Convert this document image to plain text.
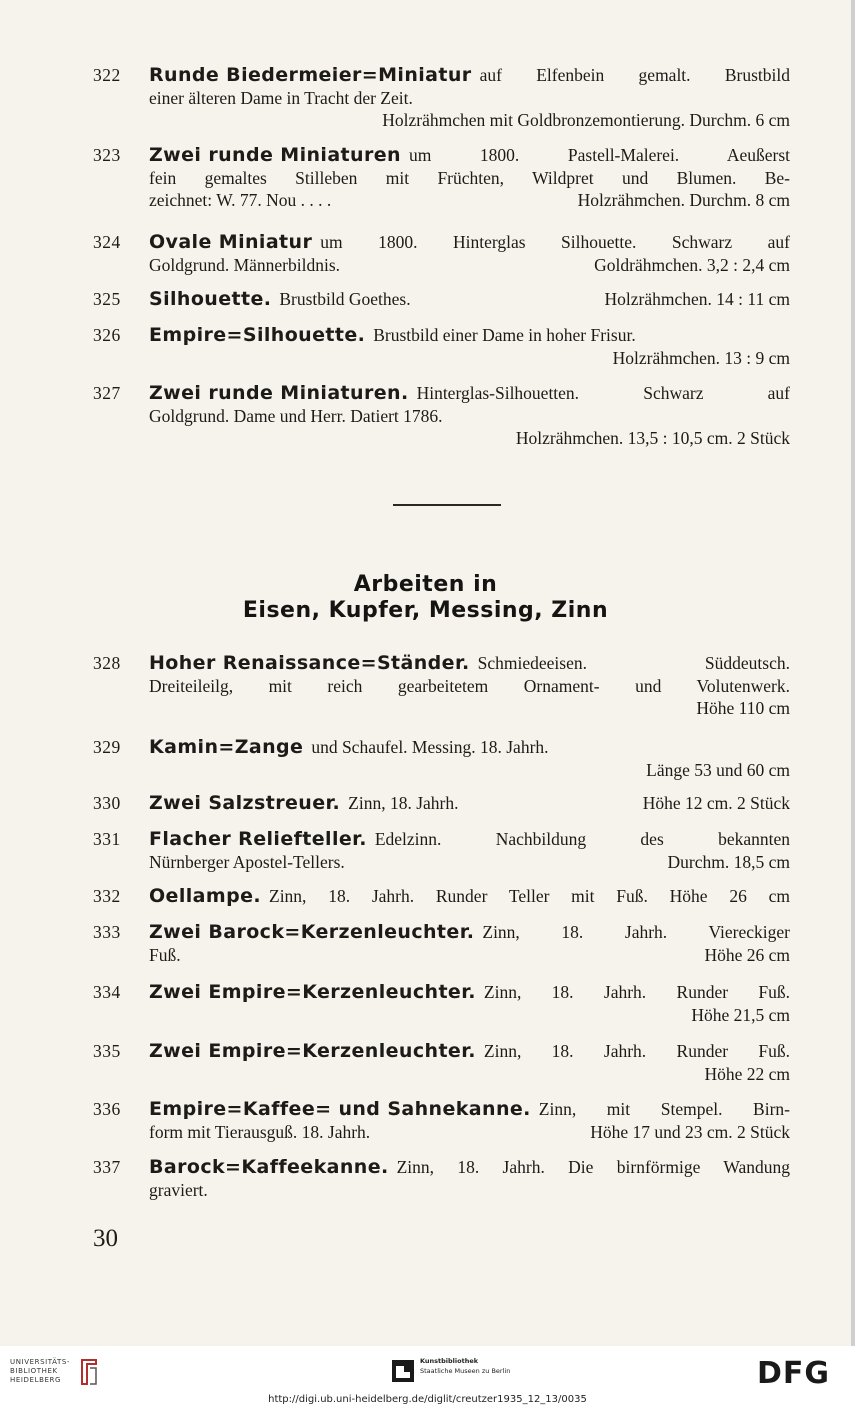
322	Runde Biedermeier=Miniatur auf Elfenbein gemalt. Brustbild
einer älteren Dame in Tracht der Zeit.
Holzrähmchen mit Goldbronzemontierung. Durchm. 6 cm
323	Zwei runde Miniaturen um 1800. Pastell-Malerei. Aeußerst
fein gemaltes Stilleben mit Früchten, Wildpret und Blumen. Be-
zeichnet: W. 77. Nou . . . .	Holzrähmchen. Durchm. 8 cm
324	Ovale Miniatur um 1800. Hinterglas Silhouette. Schwarz auf
Goldgrund. Männerbildnis.	Goldrähmchen. 3,2 : 2,4 cm
325	Silhouette. Brustbild Goethes.	Holzrähmchen. 14 : 11 cm
326	Empire=Silhouette. Brustbild einer Dame in hoher Frisur.
Holzrähmchen. 13 : 9 cm
327	Zwei runde Miniaturen. Hinterglas-Silhouetten. Schwarz auf
Goldgrund. Dame und Herr. Datiert 1786.
Holzrähmchen. 13,5 : 10,5 cm. 2 Stück
328	Hoher Renaissance=Ständer. Schmiedeeisen. Süddeutsch.
Dreiteileilg, mit reich gearbeitetem Ornament- und Volutenwerk.
Höhe 110 cm
329	Kamin=Zange und Schaufel. Messing. 18. Jahrh.
Länge 53 und 60 cm
330	Zwei Salzstreuer. Zinn, 18. Jahrh.	Höhe 12 cm. 2 Stück
331	Flacher Reliefteller. Edelzinn. Nachbildung des bekannten
Nürnberger Apostel-Tellers.	Durchm. 18,5 cm
332	Oellampe. Zinn, 18. Jahrh. Runder Teller mit Fuß. Höhe 26 cm
333	Zwei Barock=Kerzenleuchter. Zinn, 18. Jahrh. Viereckiger
Fuß.	Höhe 26 cm
334	Zwei Empire=Kerzenleuchter. Zinn, 18. Jahrh. Runder Fuß.
Höhe 21,5 cm
335	Zwei Empire=Kerzenleuchter. Zinn, 18. Jahrh. Runder Fuß.
Höhe 22 cm
336	Empire=Kaffee= und Sahnekanne. Zinn, mit Stempel. Birn-
form mit Tierausguß. 18. Jahrh.	Höhe 17 und 23 cm. 2 Stück
337	Barock=Kaffeekanne. Zinn, 18. Jahrh. Die birnförmige Wandung
graviert.
Arbeiten in
Eisen, Kupfer, Messing, Zinn
30
UNIVERSITÄTS-
BIBLIOTHEK
HEIDELBERG
Kunstbibliothek
Staatliche Museen zu Berlin	DFG
http://digi.ub.uni-heidelberg.de/diglit/creutzer1935_12_13/0035
